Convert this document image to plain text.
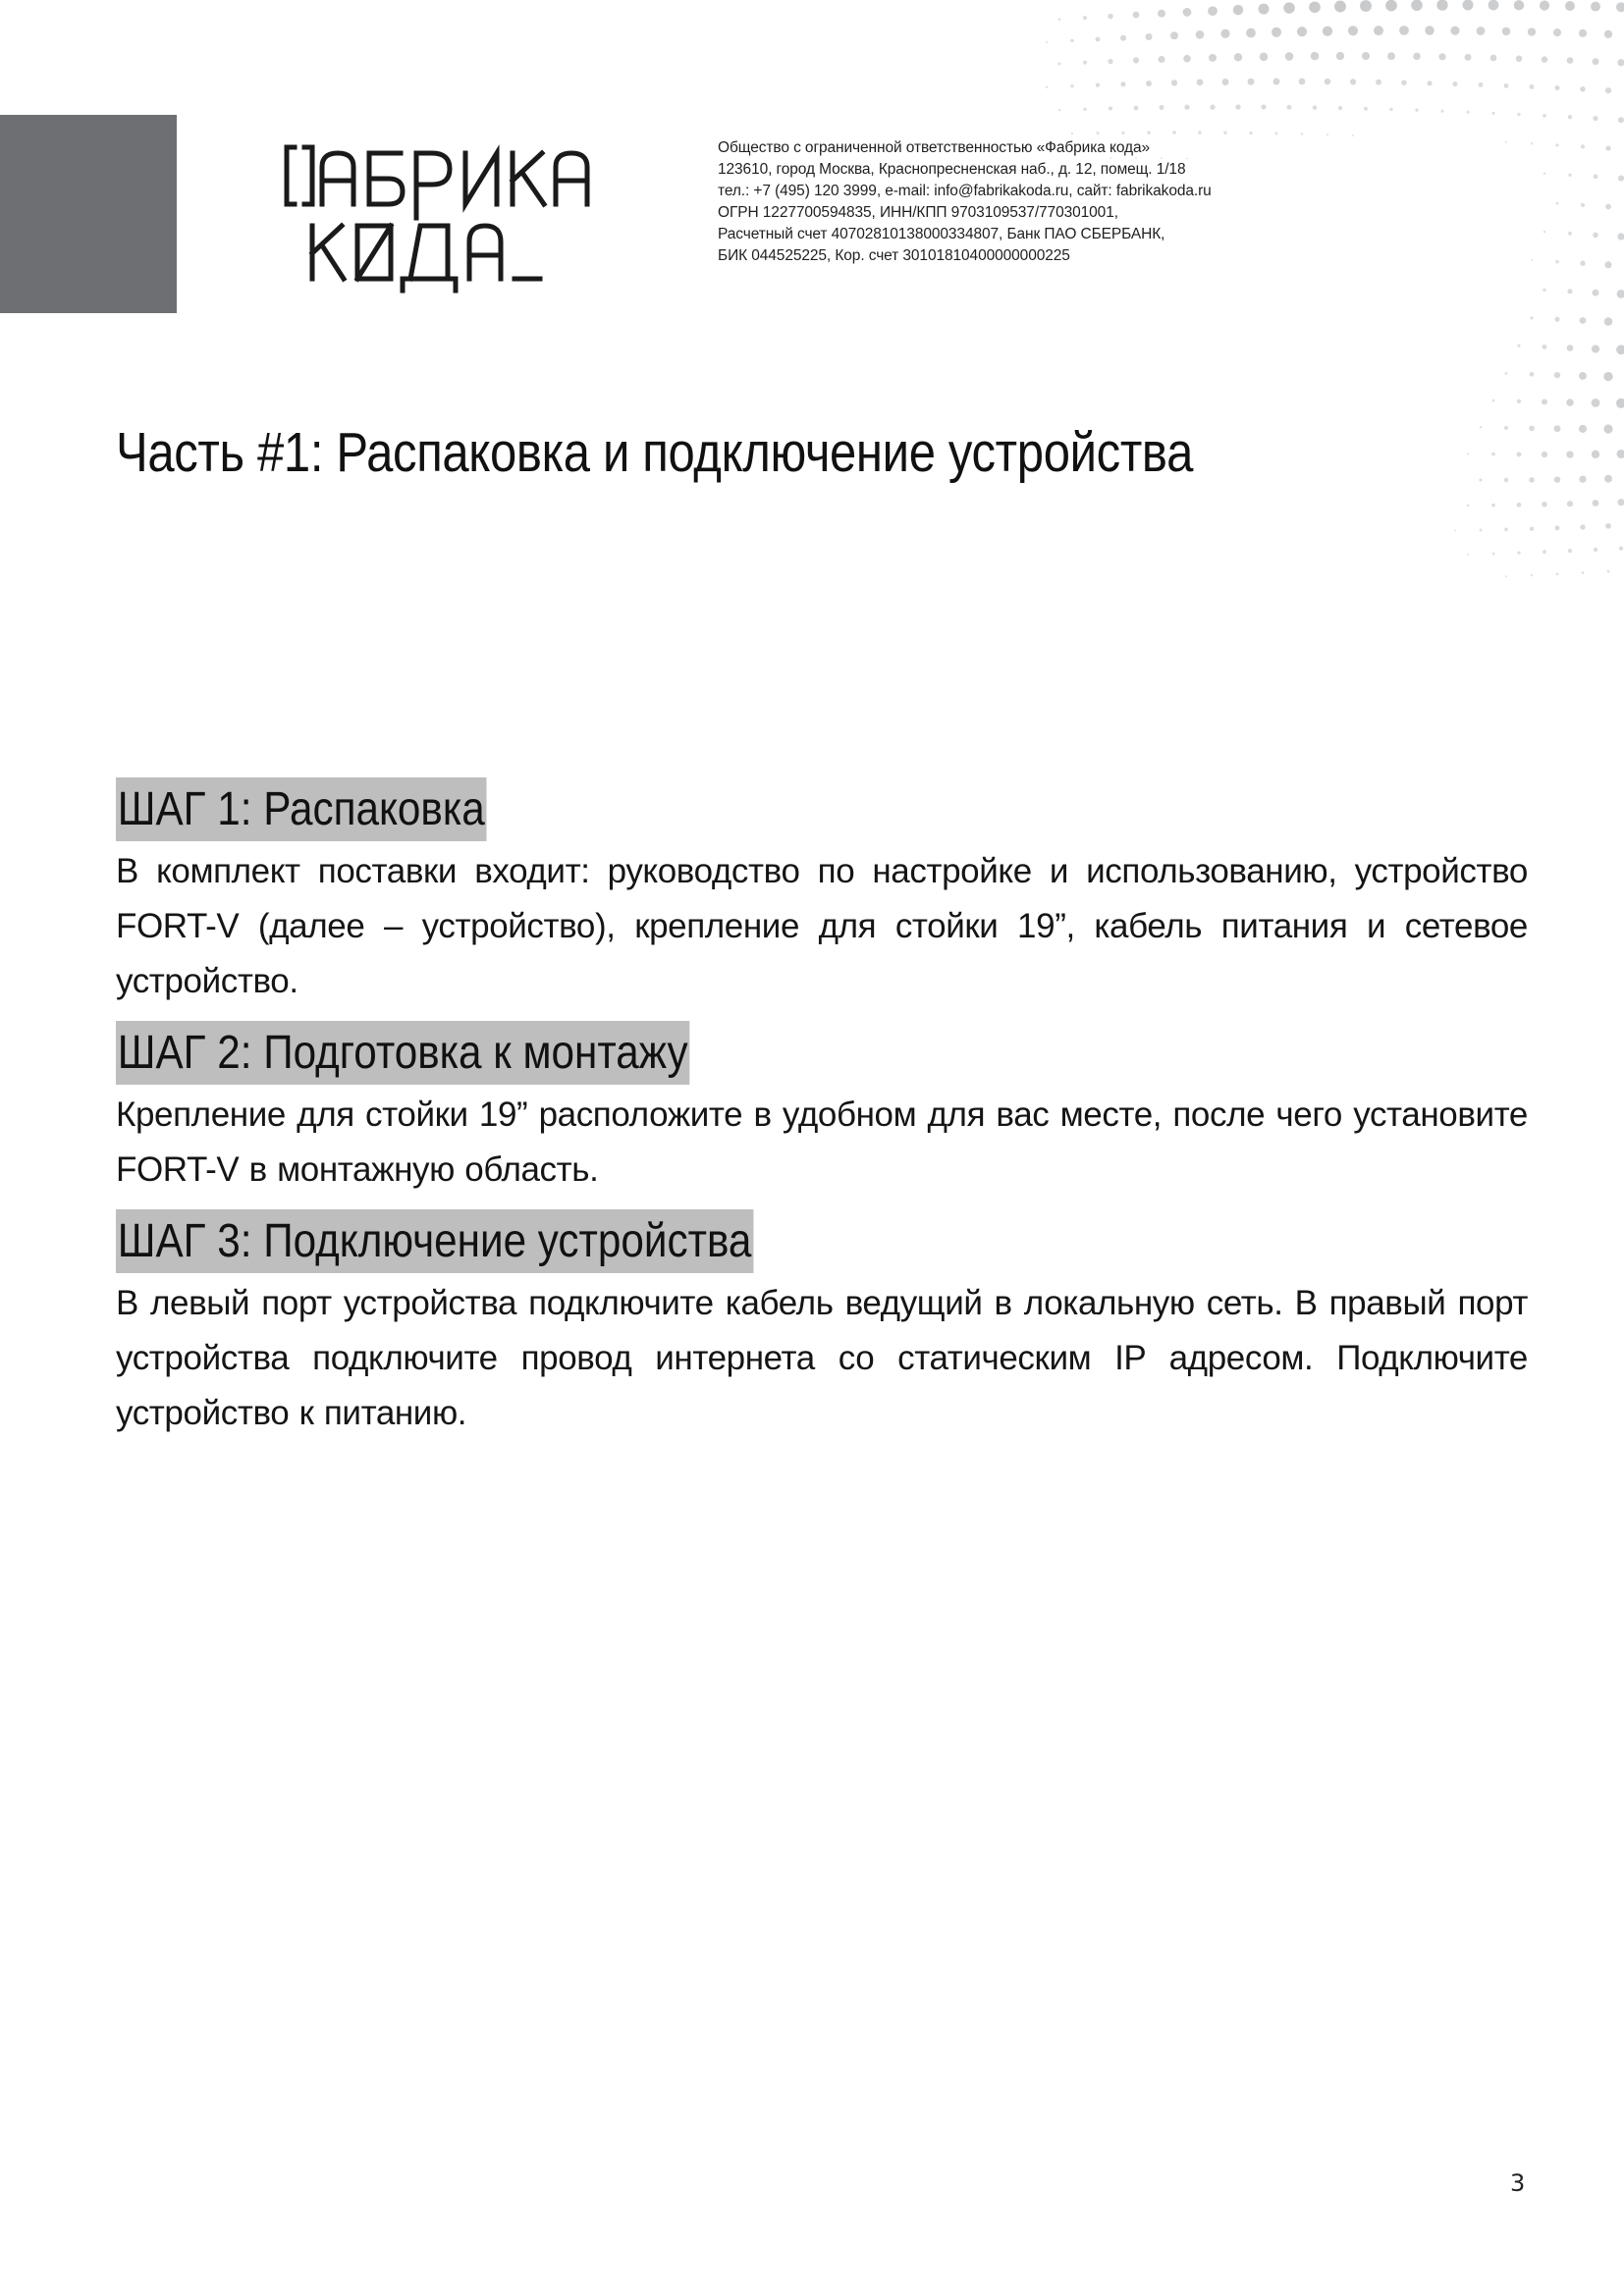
Общество с ограниченной ответственностью «Фабрика кода»
123610, город Москва, Краснопресненская наб., д. 12, помещ. 1/18
тел.: +7 (495) 120 3999, e-mail: info@fabrikakoda.ru, сайт: fabrikakoda.ru
ОГРН 1227700594835, ИНН/КПП 9703109537/770301001,
Расчетный счет 40702810138000334807, Банк ПАО СБЕРБАНК,
БИК 044525225, Кор. счет 30101810400000000225
Часть #1: Распаковка и подключение устройства
ШАГ 1: Распаковка

В комплект поставки входит: руководство по настройке и использованию, устройство FORT-V (далее – устройство), крепление для стойки 19”, кабель питания и сетевое устройство.

ШАГ 2: Подготовка к монтажу

Крепление для стойки 19” расположите в удобном для вас месте, после чего установите FORT-V в монтажную область.

ШАГ 3: Подключение устройства

В левый порт устройства подключите кабель ведущий в локальную сеть. В правый порт устройства подключите провод интернета со статическим IP адресом. Подключите устройство к питанию.

3
